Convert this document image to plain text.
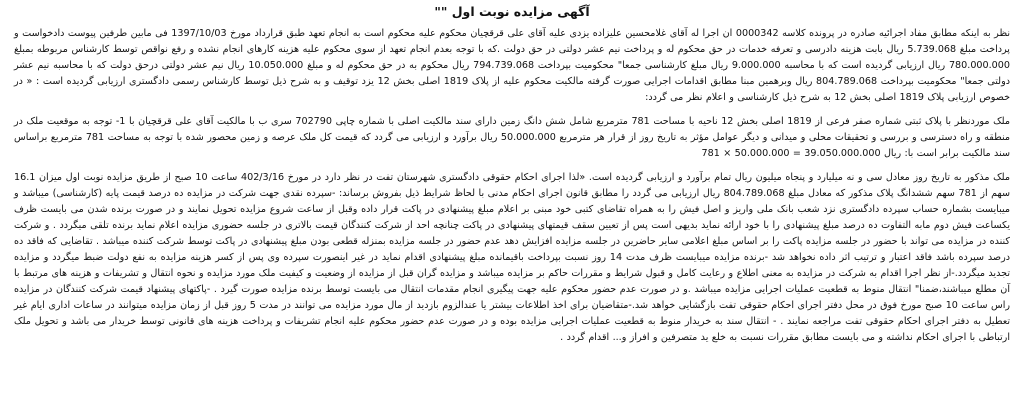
آگهی مزایده نوبت اول ""

نظر به اینکه مطابق مفاد اجرائیه صادره در پرونده کلاسه 0000342 ان اجرا له آقای غلامحسین علیزاده یزدی علیه آقای علی قرقچیان محکوم علیه محکوم است به انجام تعهد طبق قرارداد مورخ 1397/10/03 فی مابین طرفین پیوست دادخواست و پرداخت مبلغ 5.739.068 ریال بابت هزینه دادرسی و تعرفه خدمات در حق محکوم له و پرداخت نیم عشر دولتی در حق دولت .که با توجه بعدم انجام تعهد از سوی محکوم علیه هزینه کارهای انجام نشده و رفع نواقص توسط کارشناس مربوطه بمبلغ 780.000.000 ریال ارزیابی گردیده است که با محاسبه 9.000.000 ریال مبلغ کارشناسی جمعا" محکومیت بپرداخت 794.739.068 ریال محکوم به در حق محکوم له و مبلغ 10.050.000 ریال نیم عشر دولتی درحق دولت که با محاسبه نیم عشر دولتی جمعا" محکومیت بپرداخت 804.789.068 ریال وبرهمین مبنا مطابق اقدامات اجرایی صورت گرفته مالکیت محکوم علیه از پلاک 1819 اصلی بخش 12 یزد توقیف و به شرح ذیل توسط کارشناس رسمی دادگستری ارزیابی گردیده است : « در خصوص ارزیابی پلاک 1819 اصلی بخش 12 به شرح ذیل کارشناسی و اعلام نظر می گردد:

ملک موردنظر با پلاک ثبتی شماره صفر فرعی از 1819 اصلی بخش 12 ناحیه با مساحت 781 مترمربع شامل شش دانگ زمین دارای سند مالکیت اصلی با شماره چاپی 702790 سری ب با مالکیت آقای علی قرقچیان با 1- توجه به موقعیت ملک در منطقه و راه دسترسی و بررسی و تحقیقات محلی و میدانی و دیگر عوامل مؤثر به تاریخ روز از قرار هر مترمربع 50.000.000 ریال برآورد و ارزیابی می گردد که قیمت کل ملک عرصه و زمین محصور شده با توجه به مساحت 781 مترمربع براساس سند مالکیت برابر است با: ریال 39.050.000.000 = 50.000.000 × 781

ملک مذکور به تاریخ روز معادل سی و نه میلیارد و پنجاه میلیون ریال تمام برآورد و ارزیابی گردیده است. «لذا اجرای احکام حقوقی دادگستری شهرستان تفت در نظر دارد در مورخ 402/3/16 ساعت 10 صبح از طریق مزایده نوبت اول میزان 16.1 سهم از 781 سهم ششدانگ پلاک مذکور که معادل مبلغ 804.789.068 ریال ارزیابی می گردد را مطابق قانون اجرای احکام مدنی با لحاظ شرایط ذیل بفروش برساند: -سپرده نقدی جهت شرکت در مزایده ده درصد قیمت پایه (کارشناسی) میباشد و میبایست بشماره حساب سپرده دادگستری نزد شعب بانک ملی واریز و اصل فیش را به همراه تقاضای کتبی خود مبنی بر اعلام مبلغ پیشنهادی در پاکت قرار داده وقبل از ساعت شروع مزایده تحویل نمایند و در صورت برنده شدن می بایست ظرف یکساعت فیش دوم مابه التفاوت ده درصد مبلغ پیشنهادی را با خود ارائه نماید بدیهی است پس از تعیین سقف قیمتهای پیشنهادی در پاکت چنانچه احد از شرکت کنندگان قیمت بالاتری در جلسه حضوری مزایده اعلام نماید برنده تلقی میگردد . و شرکت کننده در مزایده می تواند با حضور در جلسه مزایده پاکت را بر اساس مبلغ اعلامی سایر حاضرین در جلسه مزایده افزایش دهد عدم حضور در جلسه مزایده بمنزله قطعی بودن مبلغ پیشنهادی در پاکت توسط شرکت کننده میباشد . تقاضایی که فاقد ده درصد سپرده باشد فاقد اعتبار و ترتیب اثر داده نخواهد شد -برنده مزایده میبایست ظرف مدت 14 روز نسبت بپرداخت باقیمانده مبلغ پیشنهادی اقدام نماید در غیر اینصورت سپرده وی پس از کسر هزینه مزایده به نفع دولت ضبط میگردد و مزایده تجدید میگردد.-از نظر اجرا اقدام به شرکت در مزایده به معنی اطلاع و رعایت کامل و قبول شرایط و مقررات حاکم بر مزایده میباشد و مزایده گران قبل از مزایده از وضعیت و کیفیت ملک مورد مزایده و نحوه انتقال و تشریفات و هزینه های مرتبط با آن مطلع میباشند،ضمنا" انتقال منوط به قطعیت عملیات اجرایی مزایده میباشد .و در صورت عدم حضور محکوم علیه جهت پیگیری انجام مقدمات انتقال می بایست توسط برنده مزایده صورت گیرد . -پاکتهای پیشنهاد قیمت شرکت کنندگان در مزایده راس ساعت 10 صبح مورخ فوق در محل دفتر اجرای احکام حقوقی تفت بازگشایی خواهد شد.-متقاضیان برای اخذ اطلاعات بیشتر یا عندالزوم بازدید از مال مورد مزایده می توانند در مدت 5 روز قبل از زمان مزایده میتوانند در ساعات اداری ایام غیر تعطیل به دفتر اجرای احکام حقوقی تفت مراجعه نمایند . - انتقال سند به خریدار منوط به قطعیت عملیات اجرایی مزایده بوده و در صورت عدم حضور محکوم علیه انجام تشریفات و پرداخت هزینه های قانونی توسط خریدار می باشد و تحویل ملک ارتباطی با اجرای احکام نداشته و می بایست مطابق مقررات نسبت به خلع ید متصرفین و افراز و... اقدام گردد .
